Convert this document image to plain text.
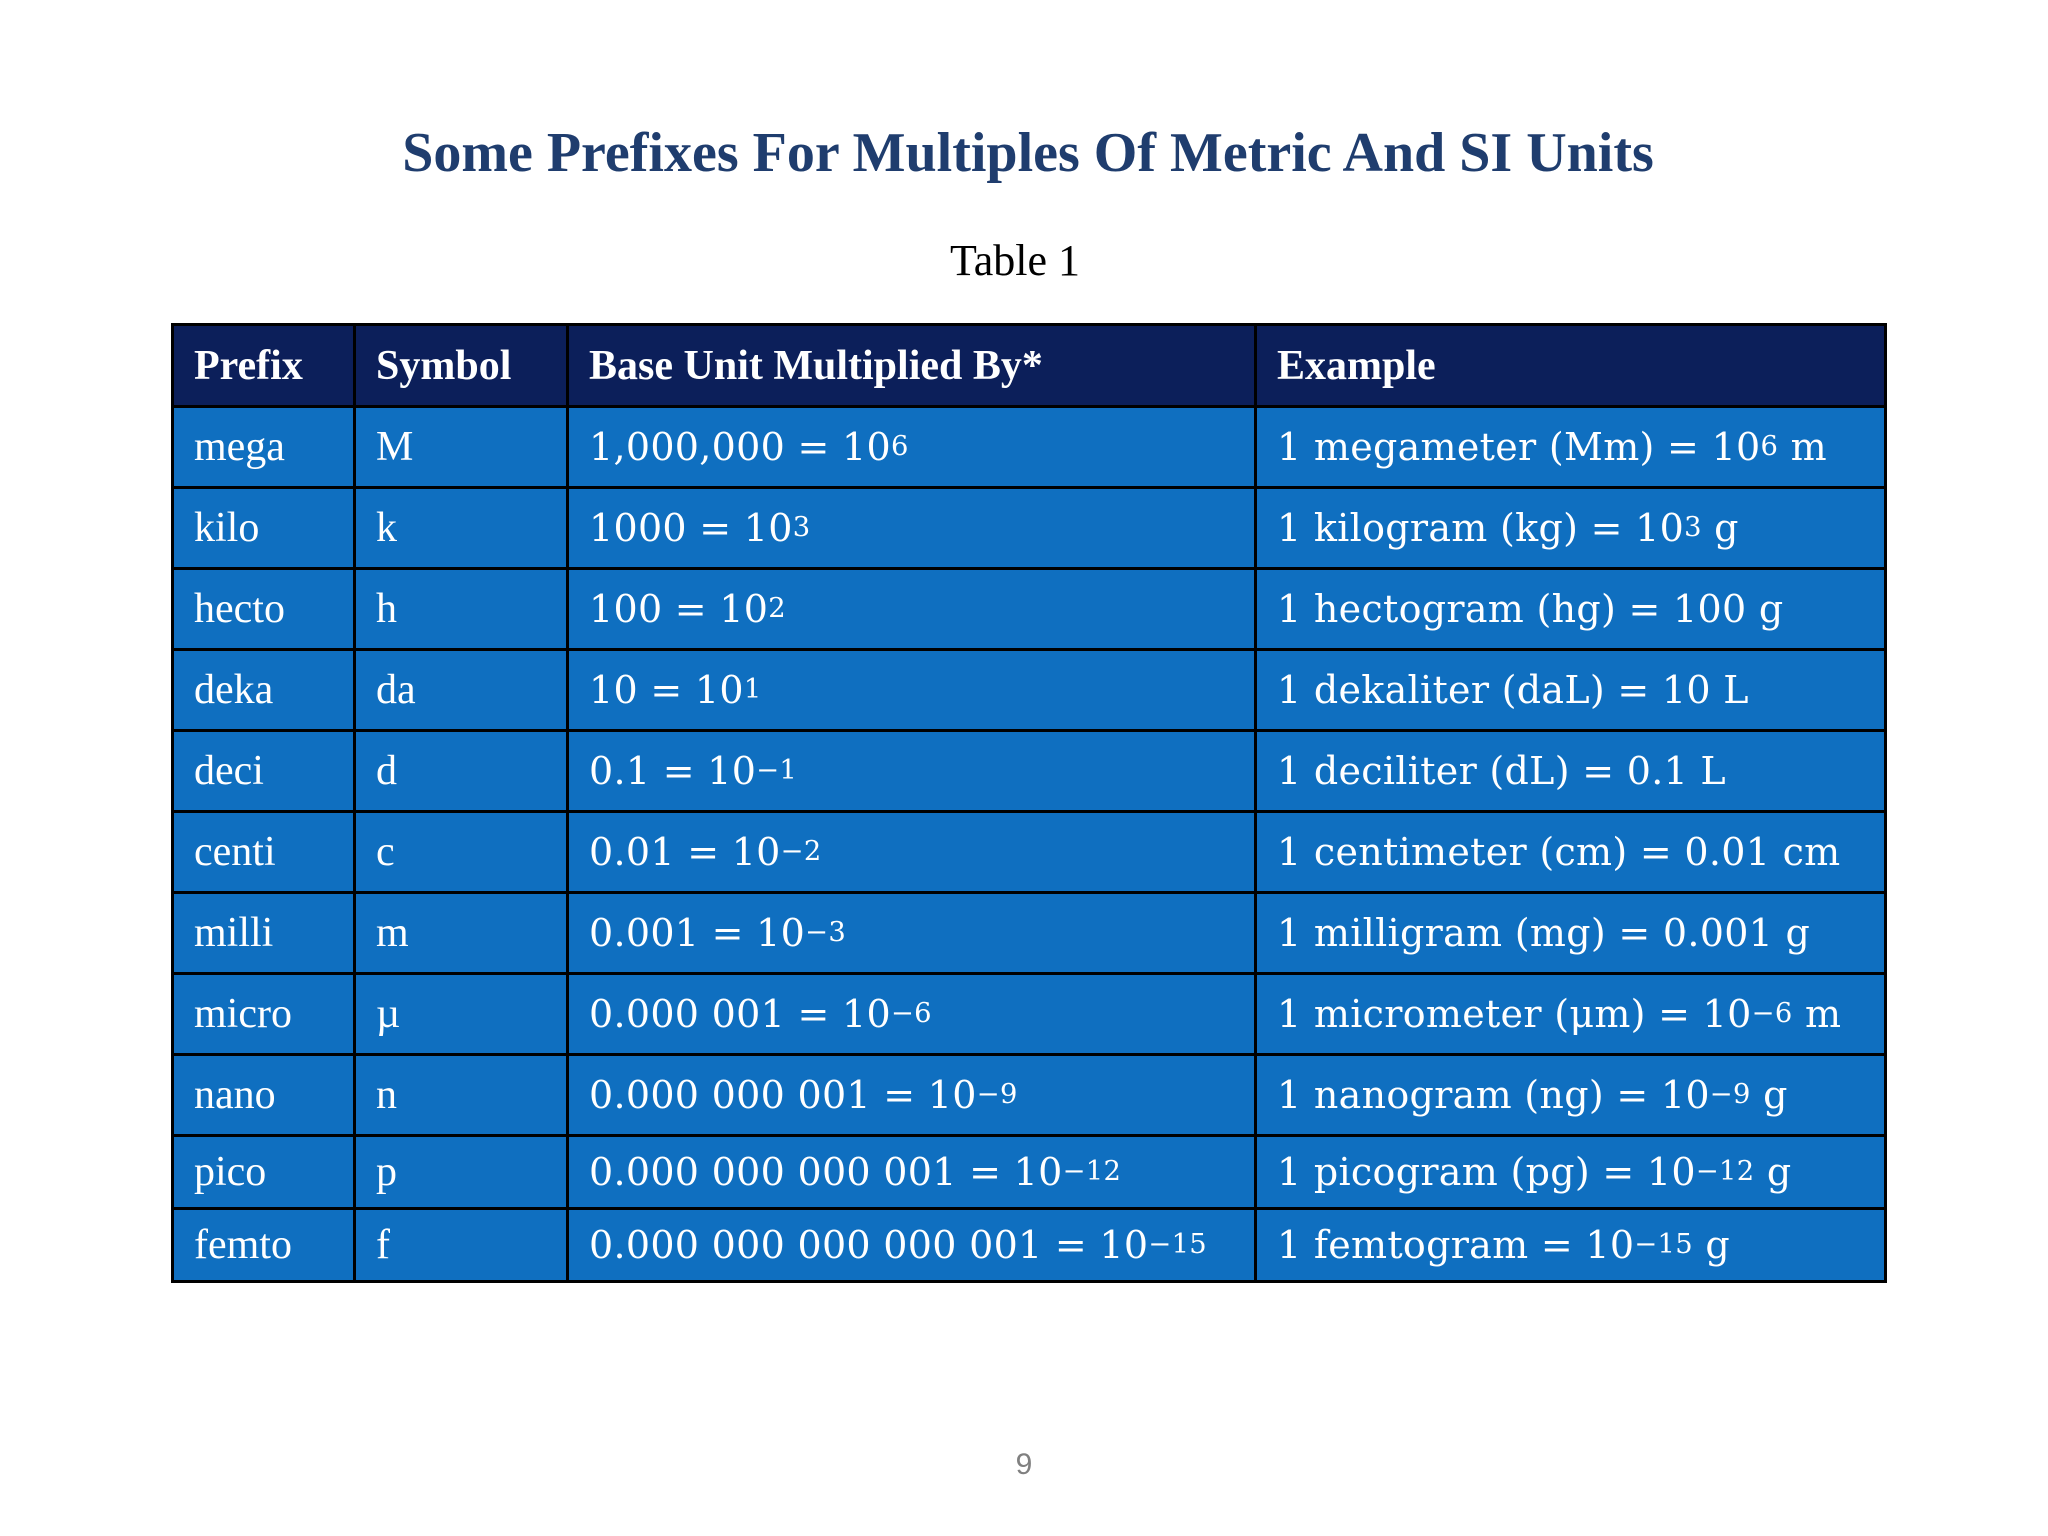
Some Prefixes For Multiples Of Metric And SI Units
Table 1
Prefix	Symbol	Base Unit Multiplied By*	Example
mega	M	$1,000,000 = 10^6$	1 megameter $(Mm) = 10^6$ m
kilo	k	$1000 = 10^3$	1 kilogram $(kg) = 10^3$ g
hecto	h	$100 = 10^2$	1 hectogram (hg) = 100 g
deka	da	$10 = 10^1$	1 dekaliter (daL) = 10 L
deci	d	$0.1 = 10^{-1}$	1 deciliter (dL) = 0.1 L
centi	c	$0.01 = 10^{-2}$	1 centimeter (cm) = 0.01 cm
milli	m	$0.001 = 10^{-3}$	1 milligram (mg) = 0.001 g
micro	µ	0.000 $001 = 10^{-6}$	1 micrometer $(\mu m) = 10^{-6}$ m
nano	n	0.000 000 $001 = 10^{-9}$	1 nanogram $(ng) = 10^{-9}$ g
pico	p	0.000 000 000 $001 = 10^{-12}$	1 picogram $(pg) = 10^{-12}$ g
femto	f	0.000 000 000 000 $001 = 10^{-15}$	1 femtogram = $10^{-15}$ g
9
